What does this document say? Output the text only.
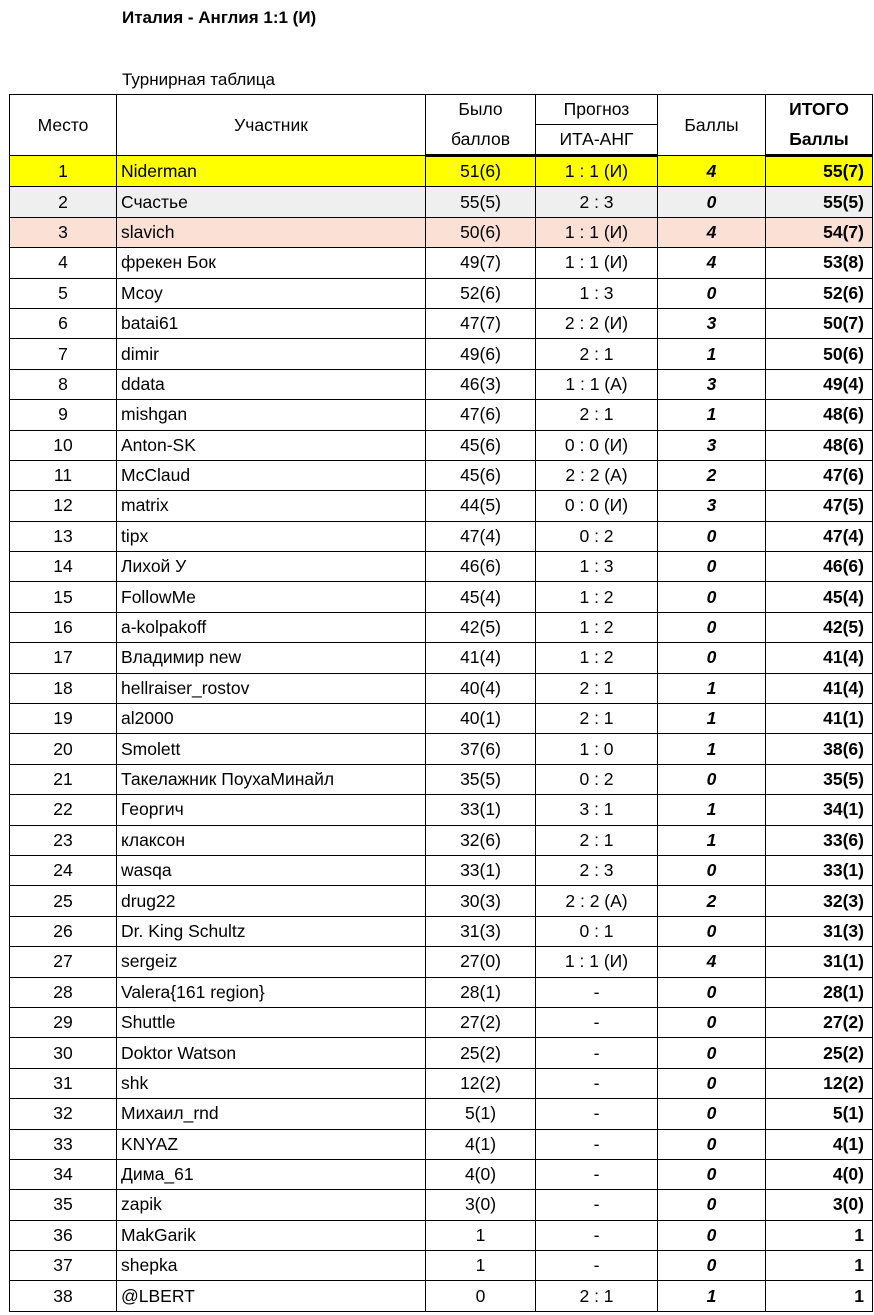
Италия - Англия 1:1 (И)
Турнирная таблица
Место	Участник	Было	Прогноз	Баллы	ИТОГО
		баллов	ИТА-АНГ		Баллы
1	Niderman	51(6)	1 : 1 (И)	4	55(7)
2	Счастье	55(5)	2 : 3	0	55(5)
3	slavich	50(6)	1 : 1 (И)	4	54(7)
4	фрекен Бок	49(7)	1 : 1 (И)	4	53(8)
5	Mcoy	52(6)	1 : 3	0	52(6)
6	batai61	47(7)	2 : 2 (И)	3	50(7)
7	dimir	49(6)	2 : 1	1	50(6)
8	ddata	46(3)	1 : 1 (А)	3	49(4)
9	mishgan	47(6)	2 : 1	1	48(6)
10	Anton-SK	45(6)	0 : 0 (И)	3	48(6)
11	McClaud	45(6)	2 : 2 (А)	2	47(6)
12	matrix	44(5)	0 : 0 (И)	3	47(5)
13	tipx	47(4)	0 : 2	0	47(4)
14	Лихой У	46(6)	1 : 3	0	46(6)
15	FollowMe	45(4)	1 : 2	0	45(4)
16	a-kolpakoff	42(5)	1 : 2	0	42(5)
17	Владимир new	41(4)	1 : 2	0	41(4)
18	hellraiser_rostov	40(4)	2 : 1	1	41(4)
19	al2000	40(1)	2 : 1	1	41(1)
20	Smolett	37(6)	1 : 0	1	38(6)
21	Такелажник ПоухаМинайл	35(5)	0 : 2	0	35(5)
22	Георгич	33(1)	3 : 1	1	34(1)
23	клаксон	32(6)	2 : 1	1	33(6)
24	wasqa	33(1)	2 : 3	0	33(1)
25	drug22	30(3)	2 : 2 (А)	2	32(3)
26	Dr. King Schultz	31(3)	0 : 1	0	31(3)
27	sergeiz	27(0)	1 : 1 (И)	4	31(1)
28	Valera{161 region}	28(1)	-	0	28(1)
29	Shuttle	27(2)	-	0	27(2)
30	Doktor Watson	25(2)	-	0	25(2)
31	shk	12(2)	-	0	12(2)
32	Михаил_rnd	5(1)	-	0	5(1)
33	KNYAZ	4(1)	-	0	4(1)
34	Дима_61	4(0)	-	0	4(0)
35	zapik	3(0)	-	0	3(0)
36	MakGarik	1	-	0	1
37	shepka	1	-	0	1
38	@LBERT	0	2 : 1	1	1
